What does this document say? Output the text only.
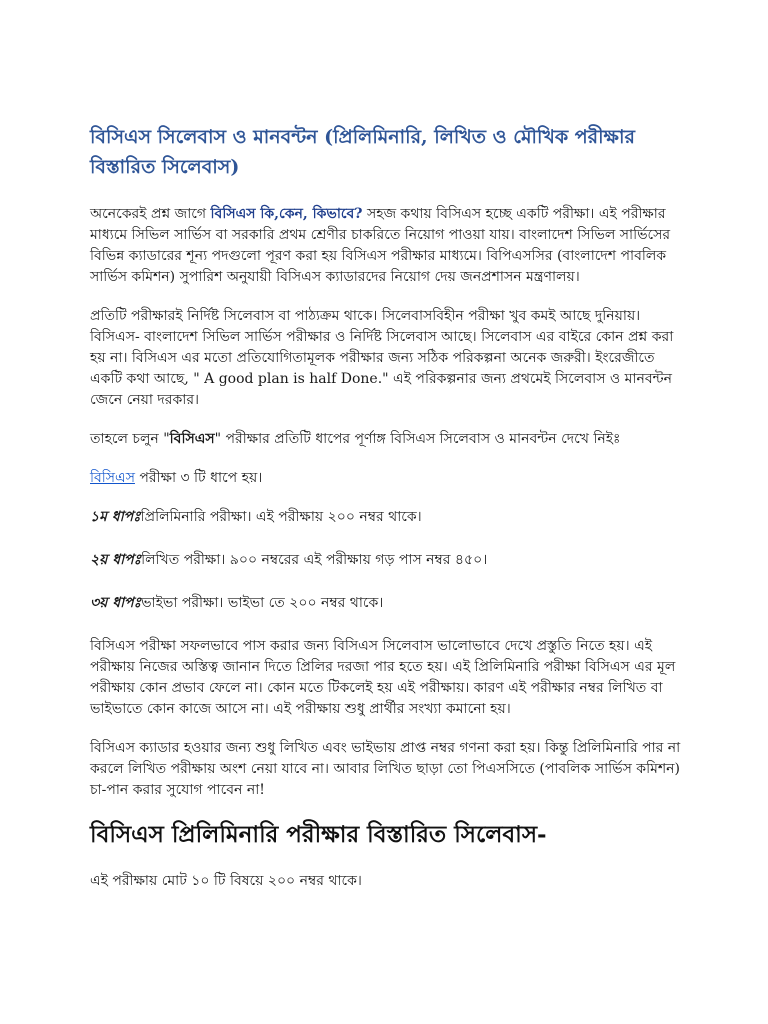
বিসিএস সিলেবাস ও মানবন্টন (প্রিলিমিনারি, লিখিত ও মৌখিক পরীক্ষার বিস্তারিত সিলেবাস)

অনেকেরই প্রশ্ন জাগে বিসিএস কি,কেন, কিভাবে? সহজ কথায় বিসিএস হচ্ছে একটি পরীক্ষা। এই পরীক্ষার মাধ্যমে সিভিল সার্ভিস বা সরকারি প্রথম শ্রেণীর চাকরিতে নিয়োগ পাওয়া যায়। বাংলাদেশ সিভিল সার্ভিসের বিভিন্ন ক্যাডারের শূন্য পদগুলো পূরণ করা হয় বিসিএস পরীক্ষার মাধ্যমে। বিপিএসসির (বাংলাদেশ পাবলিক সার্ভিস কমিশন) সুপারিশ অনুযায়ী বিসিএস ক্যাডারদের নিয়োগ দেয় জনপ্রশাসন মন্ত্রণালয়।

প্রতিটি পরীক্ষারই নির্দিষ্ট সিলেবাস বা পাঠ্যক্রম থাকে। সিলেবাসবিহীন পরীক্ষা খুব কমই আছে দুনিয়ায়। বিসিএস- বাংলাদেশ সিভিল সার্ভিস পরীক্ষার ও নির্দিষ্ট সিলেবাস আছে। সিলেবাস এর বাইরে কোন প্রশ্ন করা হয় না। বিসিএস এর মতো প্রতিযোগিতামূলক পরীক্ষার জন্য সঠিক পরিকল্পনা অনেক জরুরী। ইংরেজীতে একটি কথা আছে, " A good plan is half Done." এই পরিকল্পনার জন্য প্রথমেই সিলেবাস ও মানবন্টন জেনে নেয়া দরকার।

তাহলে চলুন "বিসিএস" পরীক্ষার প্রতিটি ধাপের পূর্ণাঙ্গ বিসিএস সিলেবাস ও মানবন্টন দেখে নিইঃ

বিসিএস পরীক্ষা ৩ টি ধাপে হয়।

১ম ধাপঃপ্রিলিমিনারি পরীক্ষা। এই পরীক্ষায় ২০০ নম্বর থাকে।
২য় ধাপঃলিখিত পরীক্ষা। ৯০০ নম্বরের এই পরীক্ষায় গড় পাস নম্বর ৪৫০।
৩য় ধাপঃভাইভা পরীক্ষা। ভাইভা তে ২০০ নম্বর থাকে।

বিসিএস পরীক্ষা সফলভাবে পাস করার জন্য বিসিএস সিলেবাস ভালোভাবে দেখে প্রস্তুতি নিতে হয়। এই পরীক্ষায় নিজের অস্তিত্ব জানান দিতে প্রিলির দরজা পার হতে হয়। এই প্রিলিমিনারি পরীক্ষা বিসিএস এর মূল পরীক্ষায় কোন প্রভাব ফেলে না। কোন মতে টিকলেই হয় এই পরীক্ষায়। কারণ এই পরীক্ষার নম্বর লিখিত বা ভাইভাতে কোন কাজে আসে না। এই পরীক্ষায় শুধু প্রার্থীর সংখ্যা কমানো হয়।

বিসিএস ক্যাডার হওয়ার জন্য শুধু লিখিত এবং ভাইভায় প্রাপ্ত নম্বর গণনা করা হয়। কিন্তু প্রিলিমিনারি পার না করলে লিখিত পরীক্ষায় অংশ নেয়া যাবে না। আবার লিখিত ছাড়া তো পিএসসিতে (পাবলিক সার্ভিস কমিশন) চা-পান করার সুযোগ পাবেন না!

বিসিএস প্রিলিমিনারি পরীক্ষার বিস্তারিত সিলেবাস-

এই পরীক্ষায় মোট ১০ টি বিষয়ে ২০০ নম্বর থাকে।
